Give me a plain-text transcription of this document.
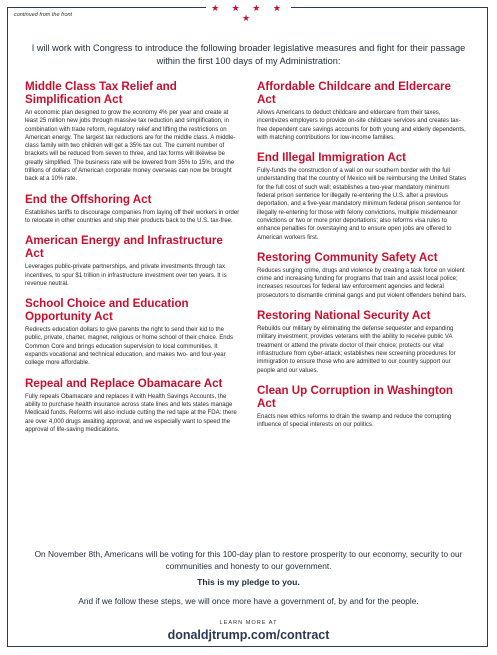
continued from the front
★ ★ ★ ★ ★
I will work with Congress to introduce the following broader legislative measures and fight for their passage within the first 100 days of my Administration:
Middle Class Tax Relief and Simplification Act

An economic plan designed to grow the economy 4% per year and create at least 25 million new jobs through massive tax reduction and simplification, in combination with trade reform, regulatory relief and lifting the restrictions on American energy. The largest tax reductions are for the middle class. A middle-class family with two children will get a 35% tax cut. The current number of brackets will be reduced from seven to three, and tax forms will likewise be greatly simplified. The business rate will be lowered from 35% to 15%, and the trillions of dollars of American corporate money overseas can now be brought back at a 10% rate.

End the Offshoring Act

Establishes tariffs to discourage companies from laying off their workers in order to relocate in other countries and ship their products back to the U.S. tax-free.

American Energy and Infrastructure Act

Leverages public-private partnerships, and private investments through tax incentives, to spur $1 trillion in infrastructure investment over ten years. It is revenue neutral.

School Choice and Education Opportunity Act

Redirects education dollars to give parents the right to send their kid to the public, private, charter, magnet, religious or home school of their choice. Ends Common Core and brings education supervision to local communities. It expands vocational and technical education, and makes two- and four-year college more affordable.

Repeal and Replace Obamacare Act

Fully repeals Obamacare and replaces it with Health Savings Accounts, the ability to purchase health insurance across state lines and lets states manage Medicaid funds. Reforms will also include cutting the red tape at the FDA: there are over 4,000 drugs awaiting approval, and we especially want to speed the approval of life-saving medications.

Affordable Childcare and Eldercare Act

Allows Americans to deduct childcare and eldercare from their taxes, incentivizes employers to provide on-site childcare services and creates tax-free dependent care savings accounts for both young and elderly dependents, with matching contributions for low-income families.

End Illegal Immigration Act

Fully-funds the construction of a wall on our southern border with the full understanding that the country of Mexico will be reimbursing the United States for the full cost of such wall; establishes a two-year mandatory minimum federal prison sentence for illegally re-entering the U.S. after a previous deportation, and a five-year mandatory minimum federal prison sentence for illegally re-entering for those with felony convictions, multiple misdemeanor convictions or two or more prior deportations; also reforms visa rules to enhance penalties for overstaying and to ensure open jobs are offered to American workers first.

Restoring Community Safety Act

Reduces surging crime, drugs and violence by creating a task force on violent crime and increasing funding for programs that train and assist local police; increases resources for federal law enforcement agencies and federal prosecutors to dismantle criminal gangs and put violent offenders behind bars.

Restoring National Security Act

Rebuilds our military by eliminating the defense sequester and expanding military investment; provides veterans with the ability to receive public VA treatment or attend the private doctor of their choice; protects our vital infrastructure from cyber-attack; establishes new screening procedures for immigration to ensure those who are admitted to our country support our people and our values.

Clean Up Corruption in Washington Act

Enacts new ethics reforms to drain the swamp and reduce the corrupting influence of special interests on our politics.

On November 8th, Americans will be voting for this 100-day plan to restore prosperity to our economy, security to our communities and honesty to our government.

This is my pledge to you.
And if we follow these steps, we will once more have a government of, by and for the people.
LEARN MORE AT
donaldjtrump.com/contract
